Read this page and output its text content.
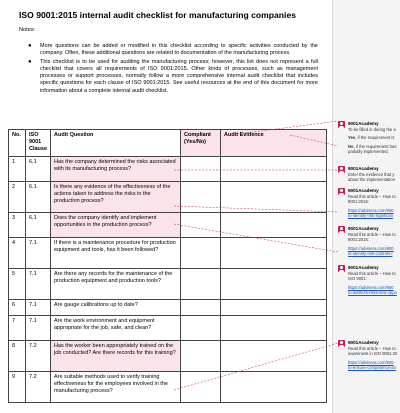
ISO 9001:2015 internal audit checklist for manufacturing companies
Notes:
● More questions can be added or modified in this checklist according to specific activities conducted by the company. Often, these additional questions are related to documentation of the manufacturing process.
● This checklist is to be used for auditing the manufacturing process; however, this list does not represent a full checklist that covers all requirements of ISO 9001:2015. Other kinds of processes, such as management processes or support processes, normally follow a more comprehensive internal audit checklist that includes specific questions for each clause of ISO 9001:2015. See useful resources at the end of this document for more information about a complete internal audit checklist.
No.	ISO 9001 Clause	Audit Question	Compliant (Yes/No)	Audit Evidence
1	6.1	Has the company determined the risks associated with its manufacturing process?		
2	6.1	Is there any evidence of the effectiveness of the actions taken to address the risks in the production process?		
3	6.1	Does the company identify and implement opportunities in the production process?		
4	7.1	If there is a maintenance procedure for production equipment and tools, has it been followed?		
5	7.1	Are there any records for the maintenance of the production equipment and production tools?		
6	7.1	Are gauge calibrations up to date?		
7	7.1	Are the work environment and equipment appropriate for the job, safe, and clean?		
8	7.2	Has the worker been appropriately trained on the job conducted? Are there records for this training?		
9	7.2	Are suitable methods used to verify training effectiveness for the employees involved in the manufacturing process?		
9001Academy
To be filled in during the a
Yes, if the requirement is
No, if the requirement has
partially implemented.
9001Academy
Enter the evidence that y
about the implementation
9001Academy
Read this article – How to
9001:2015:
https://advisera.com/900
to-identify-risk-significan
9001Academy
Read this article – How to
9001:2015:
https://advisera.com/900
to-identify-risk-controls-i
9001Academy
Read this article – How to
ISO 9001:
https://advisera.com/900
to-address-risks-and-oppo
9001Academy
Read this article – How to
awareness in ISO 9001:20
https://advisera.com/900
to-ensure-competence-an
